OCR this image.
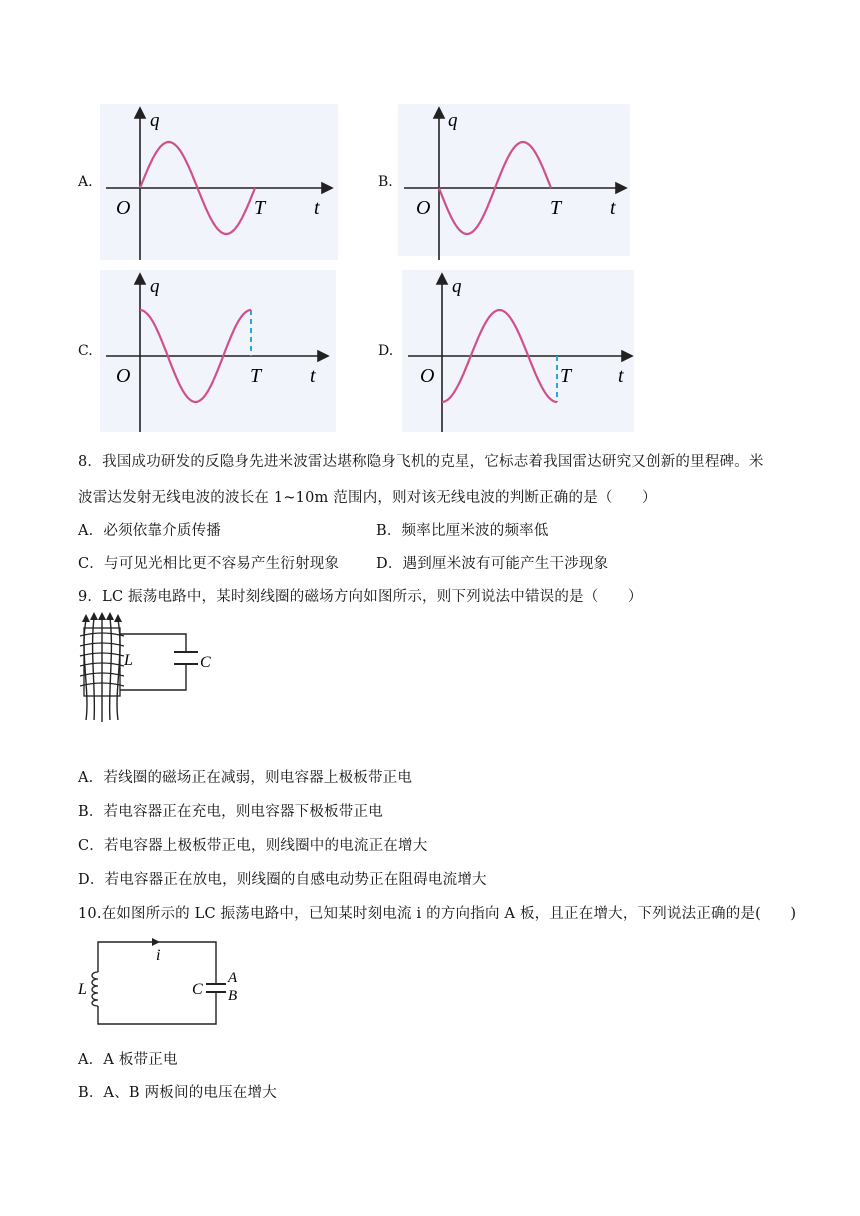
A.
q
t
O	T
B.
q
t
O	T
C.
q
t
O	T
D.
q
t
O	T
8．我国成功研发的反隐身先进米波雷达堪称隐身飞机的克星，它标志着我国雷达研究又创新的里程碑。米
波雷达发射无线电波的波长在 1~10m 范围内，则对该无线电波的判断正确的是（　　）
A．必须依靠介质传播	B．频率比厘米波的频率低
C．与可见光相比更不容易产生衍射现象	D．遇到厘米波有可能产生干涉现象
9．LC 振荡电路中，某时刻线圈的磁场方向如图所示，则下列说法中错误的是（　　）
L	C
A．若线圈的磁场正在减弱，则电容器上极板带正电
B．若电容器正在充电，则电容器下极板带正电
C．若电容器上极板带正电，则线圈中的电流正在增大
D．若电容器正在放电，则线圈的自感电动势正在阻碍电流增大
10.在如图所示的 LC 振荡电路中，已知某时刻电流 i 的方向指向 A 板，且正在增大，下列说法正确的是(　　)
i
L	C
A
B
A．A 板带正电
B．A、B 两板间的电压在增大
